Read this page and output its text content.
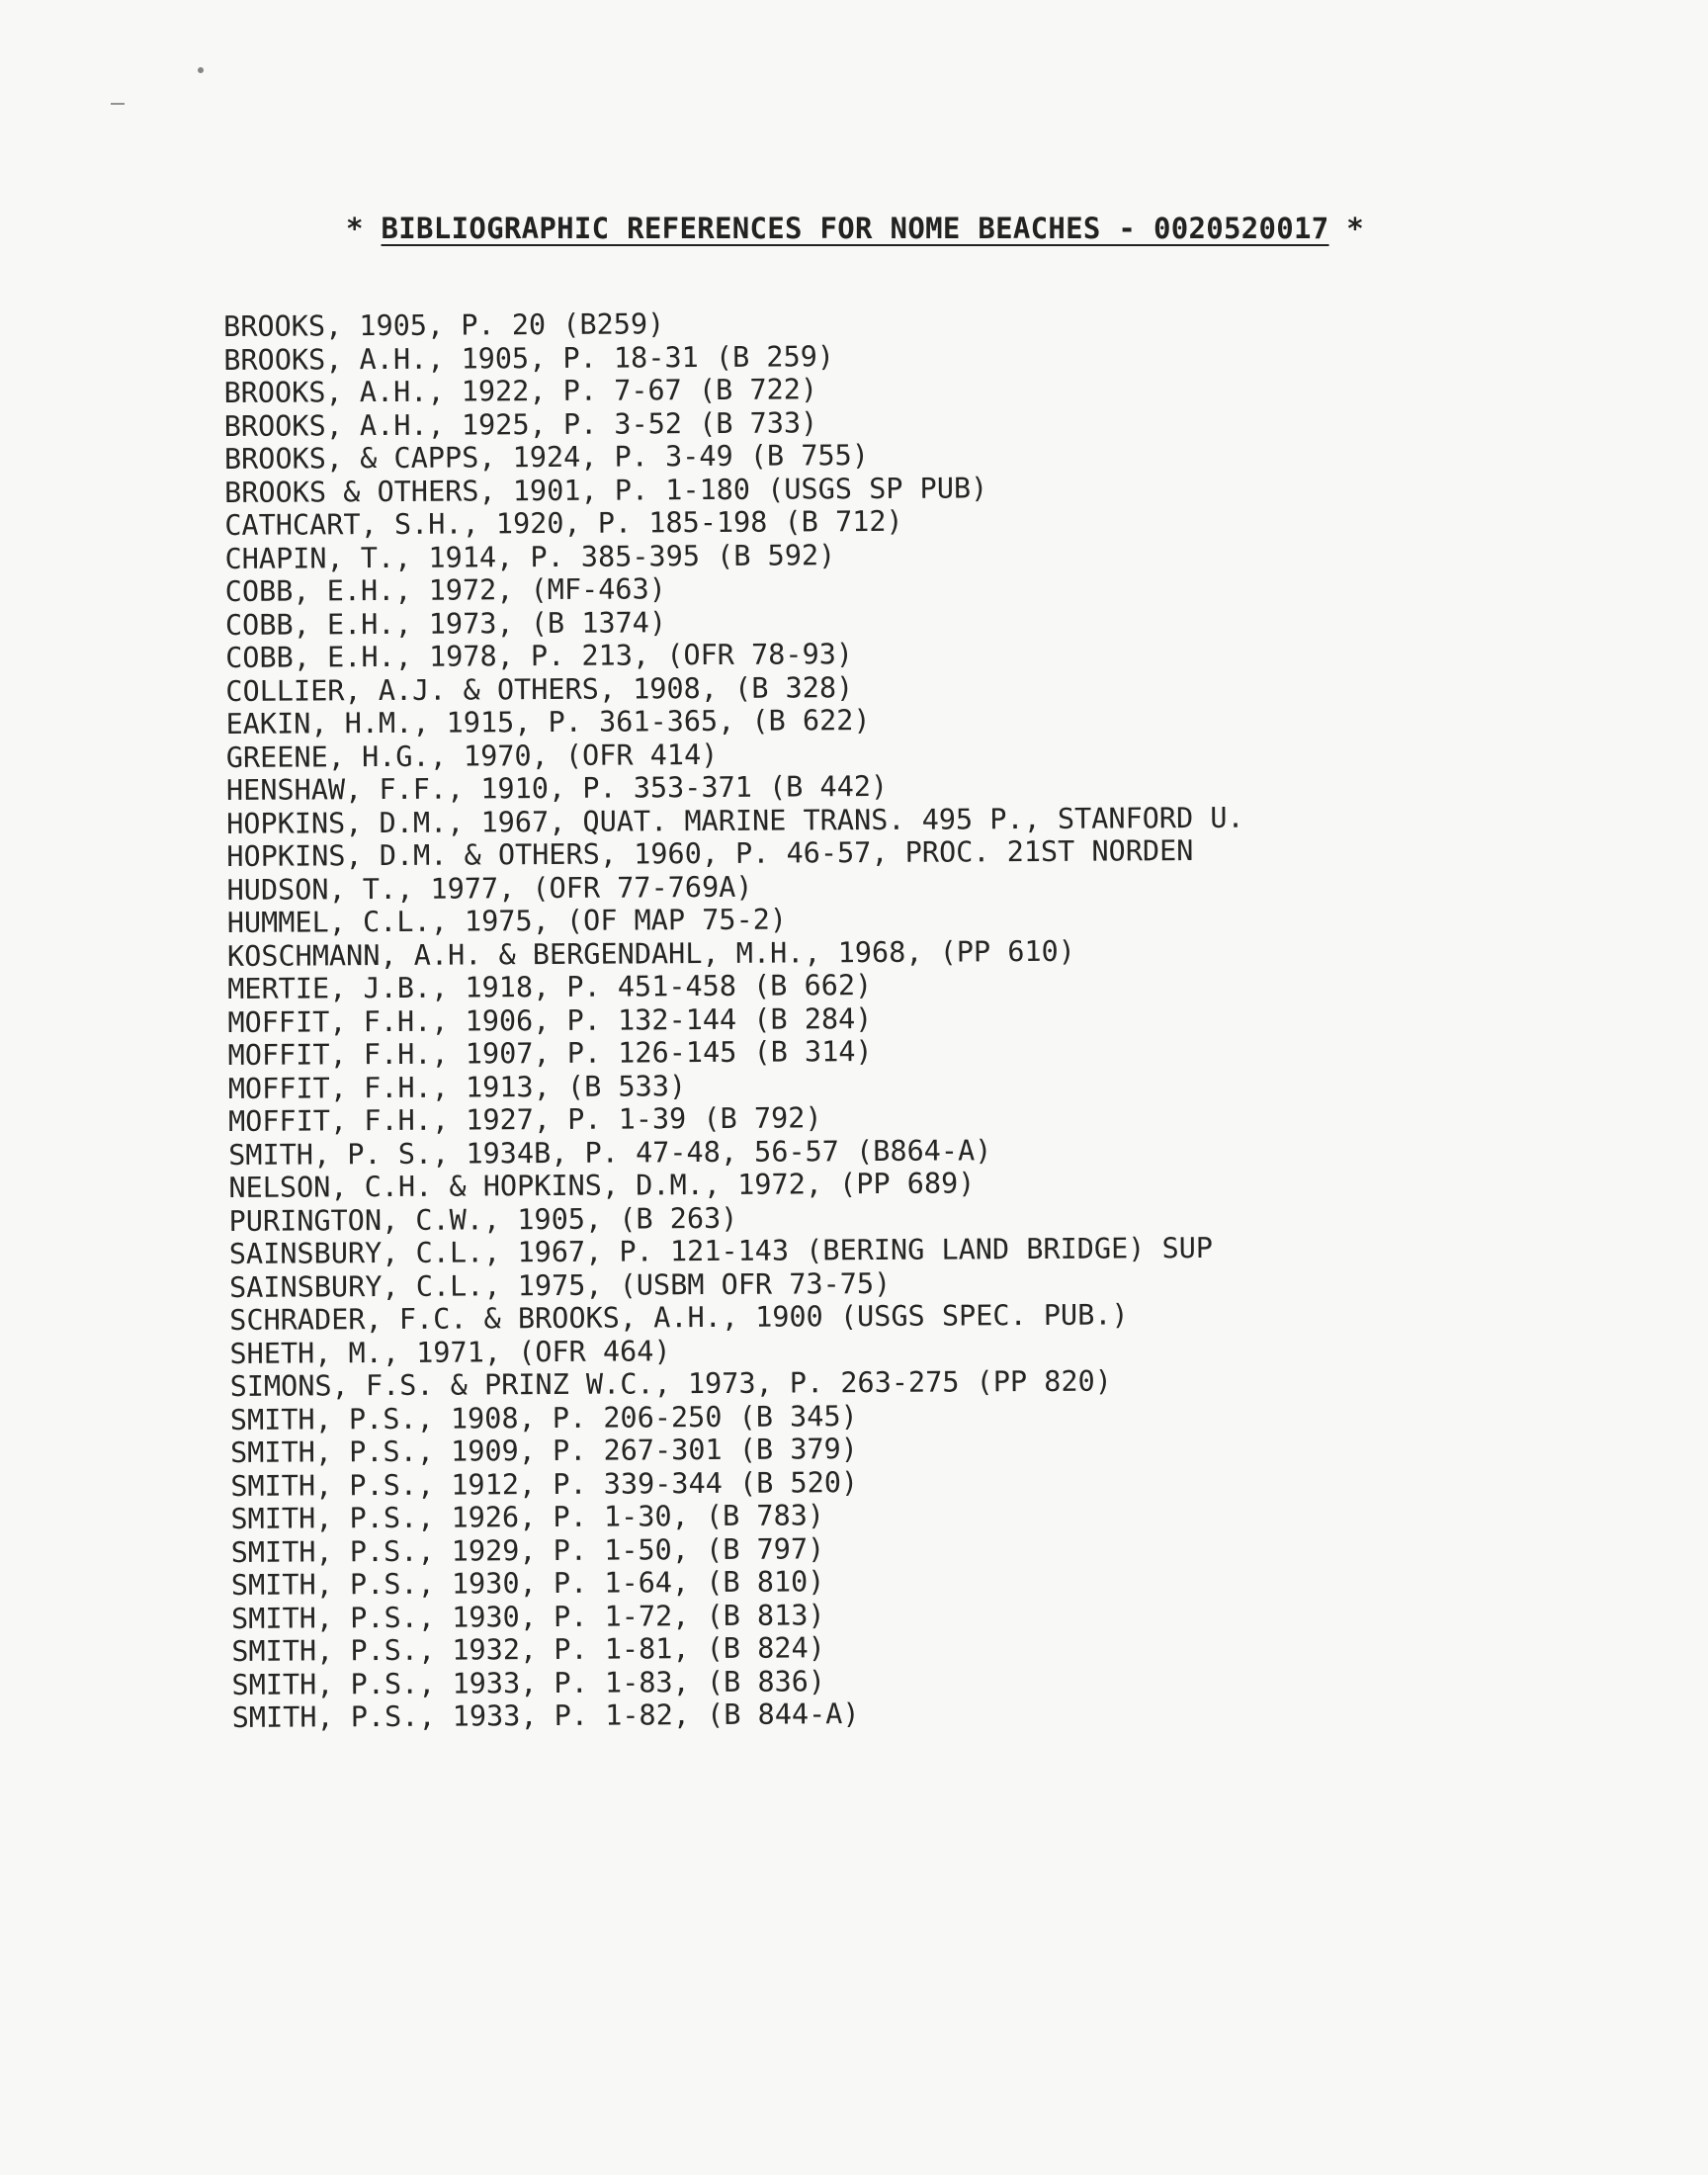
* BIBLIOGRAPHIC REFERENCES FOR NOME BEACHES - 0020520017 *
BROOKS, 1905, P. 20 (B259)
BROOKS, A.H., 1905, P. 18-31 (B 259)
BROOKS, A.H., 1922, P. 7-67 (B 722)
BROOKS, A.H., 1925, P. 3-52 (B 733)
BROOKS, & CAPPS, 1924, P. 3-49 (B 755)
BROOKS & OTHERS, 1901, P. 1-180 (USGS SP PUB)
CATHCART, S.H., 1920, P. 185-198 (B 712)
CHAPIN, T., 1914, P. 385-395 (B 592)
COBB, E.H., 1972, (MF-463)
COBB, E.H., 1973, (B 1374)
COBB, E.H., 1978, P. 213, (OFR 78-93)
COLLIER, A.J. & OTHERS, 1908, (B 328)
EAKIN, H.M., 1915, P. 361-365, (B 622)
GREENE, H.G., 1970, (OFR 414)
HENSHAW, F.F., 1910, P. 353-371 (B 442)
HOPKINS, D.M., 1967, QUAT. MARINE TRANS. 495 P., STANFORD U.
HOPKINS, D.M. & OTHERS, 1960, P. 46-57, PROC. 21ST NORDEN
HUDSON, T., 1977, (OFR 77-769A)
HUMMEL, C.L., 1975, (OF MAP 75-2)
KOSCHMANN, A.H. & BERGENDAHL, M.H., 1968, (PP 610)
MERTIE, J.B., 1918, P. 451-458 (B 662)
MOFFIT, F.H., 1906, P. 132-144 (B 284)
MOFFIT, F.H., 1907, P. 126-145 (B 314)
MOFFIT, F.H., 1913, (B 533)
MOFFIT, F.H., 1927, P. 1-39 (B 792)
SMITH, P. S., 1934B, P. 47-48, 56-57 (B864-A)
NELSON, C.H. & HOPKINS, D.M., 1972, (PP 689)
PURINGTON, C.W., 1905, (B 263)
SAINSBURY, C.L., 1967, P. 121-143 (BERING LAND BRIDGE) SUP
SAINSBURY, C.L., 1975, (USBM OFR 73-75)
SCHRADER, F.C. & BROOKS, A.H., 1900 (USGS SPEC. PUB.)
SHETH, M., 1971, (OFR 464)
SIMONS, F.S. & PRINZ W.C., 1973, P. 263-275 (PP 820)
SMITH, P.S., 1908, P. 206-250 (B 345)
SMITH, P.S., 1909, P. 267-301 (B 379)
SMITH, P.S., 1912, P. 339-344 (B 520)
SMITH, P.S., 1926, P. 1-30, (B 783)
SMITH, P.S., 1929, P. 1-50, (B 797)
SMITH, P.S., 1930, P. 1-64, (B 810)
SMITH, P.S., 1930, P. 1-72, (B 813)
SMITH, P.S., 1932, P. 1-81, (B 824)
SMITH, P.S., 1933, P. 1-83, (B 836)
SMITH, P.S., 1933, P. 1-82, (B 844-A)
